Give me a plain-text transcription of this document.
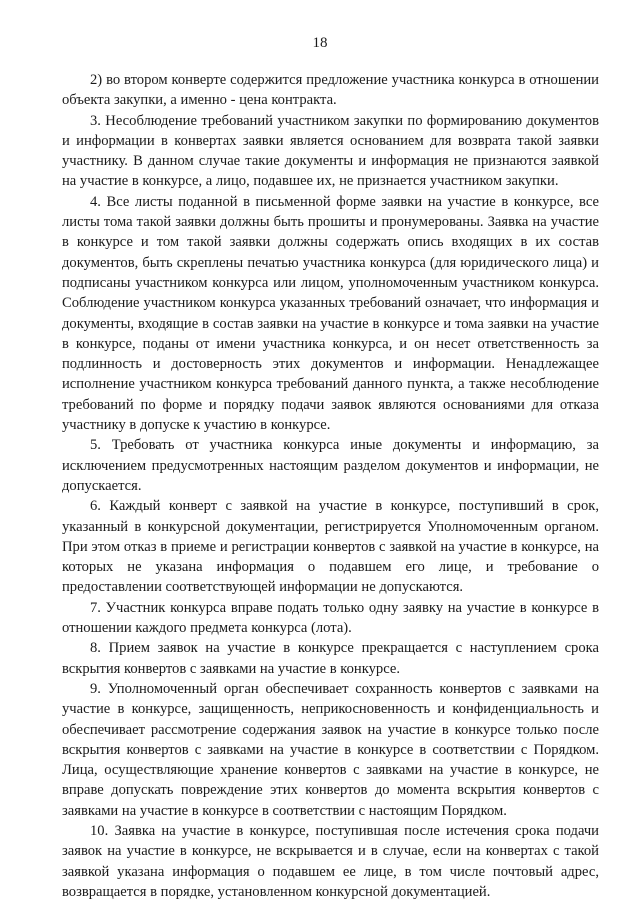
18

2) во втором конверте содержится предложение участника конкурса в отношении объекта закупки, а именно - цена контракта.

3. Несоблюдение требований участником закупки по формированию документов и информации в конвертах заявки является основанием для возврата такой заявки участнику. В данном случае такие документы и информация не признаются заявкой на участие в конкурсе, а лицо, подавшее их, не признается участником закупки.

4. Все листы поданной в письменной форме заявки на участие в конкурсе, все листы тома такой заявки должны быть прошиты и пронумерованы. Заявка на участие в конкурсе и том такой заявки должны содержать опись входящих в их состав документов, быть скреплены печатью участника конкурса (для юридического лица) и подписаны участником конкурса или лицом, уполномоченным участником конкурса. Соблюдение участником конкурса указанных требований означает, что информация и документы, входящие в состав заявки на участие в конкурсе и тома заявки на участие в конкурсе, поданы от имени участника конкурса, и он несет ответственность за подлинность и достоверность этих документов и информации. Ненадлежащее исполнение участником конкурса требований данного пункта, а также несоблюдение требований по форме и порядку подачи заявок являются основаниями для отказа участнику в допуске к участию в конкурсе.

5. Требовать от участника конкурса иные документы и информацию, за исключением предусмотренных настоящим разделом документов и информации, не допускается.

6. Каждый конверт с заявкой на участие в конкурсе, поступивший в срок, указанный в конкурсной документации, регистрируется Уполномоченным органом. При этом отказ в приеме и регистрации конвертов с заявкой на участие в конкурсе, на которых не указана информация о подавшем его лице, и требование о предоставлении соответствующей информации не допускаются.

7. Участник конкурса вправе подать только одну заявку на участие в конкурсе в отношении каждого предмета конкурса (лота).

8. Прием заявок на участие в конкурсе прекращается с наступлением срока вскрытия конвертов с заявками на участие в конкурсе.

9. Уполномоченный орган обеспечивает сохранность конвертов с заявками на участие в конкурсе, защищенность, неприкосновенность и конфиденциальность и обеспечивает рассмотрение содержания заявок на участие в конкурсе только после вскрытия конвертов с заявками на участие в конкурсе в соответствии с Порядком. Лица, осуществляющие хранение конвертов с заявками на участие в конкурсе, не вправе допускать повреждение этих конвертов до момента вскрытия конвертов с заявками на участие в конкурсе в соответствии с настоящим Порядком.

10. Заявка на участие в конкурсе, поступившая после истечения срока подачи заявок на участие в конкурсе, не вскрывается и в случае, если на конвертах с такой заявкой указана информация о подавшем ее лице, в том числе почтовый адрес, возвращается в порядке, установленном конкурсной документацией.
